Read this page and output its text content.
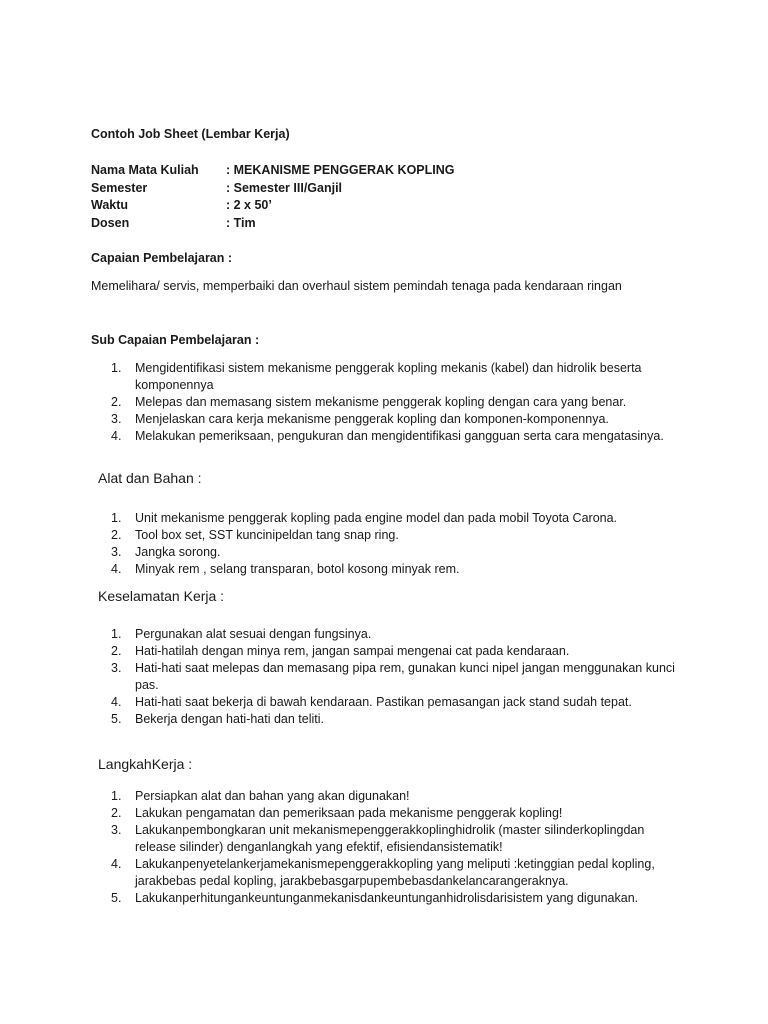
Contoh Job Sheet (Lembar Kerja)
Nama Mata Kuliah	: MEKANISME PENGGERAK KOPLING
Semester	: Semester III/Ganjil
Waktu	: 2 x 50’
Dosen	: Tim
Capaian Pembelajaran :
Memelihara/ servis, memperbaiki dan overhaul sistem pemindah tenaga pada kendaraan ringan
Sub Capaian Pembelajaran :
1. Mengidentifikasi sistem mekanisme penggerak kopling mekanis (kabel) dan hidrolik beserta komponennya
2. Melepas dan memasang sistem mekanisme penggerak kopling dengan cara yang benar.
3. Menjelaskan cara kerja mekanisme penggerak kopling dan komponen-komponennya.
4. Melakukan pemeriksaan, pengukuran dan mengidentifikasi gangguan serta cara mengatasinya.
Alat dan Bahan :
1. Unit mekanisme penggerak kopling pada engine model dan pada mobil Toyota Carona.
2. Tool box set, SST kuncinipeldan tang snap ring.
3. Jangka sorong.
4. Minyak rem , selang transparan, botol kosong minyak rem.
Keselamatan Kerja :
1. Pergunakan alat sesuai dengan fungsinya.
2. Hati-hatilah dengan minya rem, jangan sampai mengenai cat pada kendaraan.
3. Hati-hati saat melepas dan memasang pipa rem, gunakan kunci nipel jangan menggunakan kunci pas.
4. Hati-hati saat bekerja di bawah kendaraan. Pastikan pemasangan jack stand sudah tepat.
5. Bekerja dengan hati-hati dan teliti.
LangkahKerja :
1. Persiapkan alat dan bahan yang akan digunakan!
2. Lakukan pengamatan dan pemeriksaan pada mekanisme penggerak kopling!
3. Lakukanpembongkaran unit mekanismepenggerakkoplinghidrolik (master silinderkoplingdan release silinder) denganlangkah yang efektif, efisiendansistematik!
4. Lakukanpenyetelankerjamekanismepenggerakkopling yang meliputi :ketinggian pedal kopling, jarakbebas pedal kopling, jarakbebasgarpupembebasdankelancarangeraknya.
5. Lakukanperhitungankeuntunganmekanisdankeuntunganhidrolisdarisistem yang digunakan.
